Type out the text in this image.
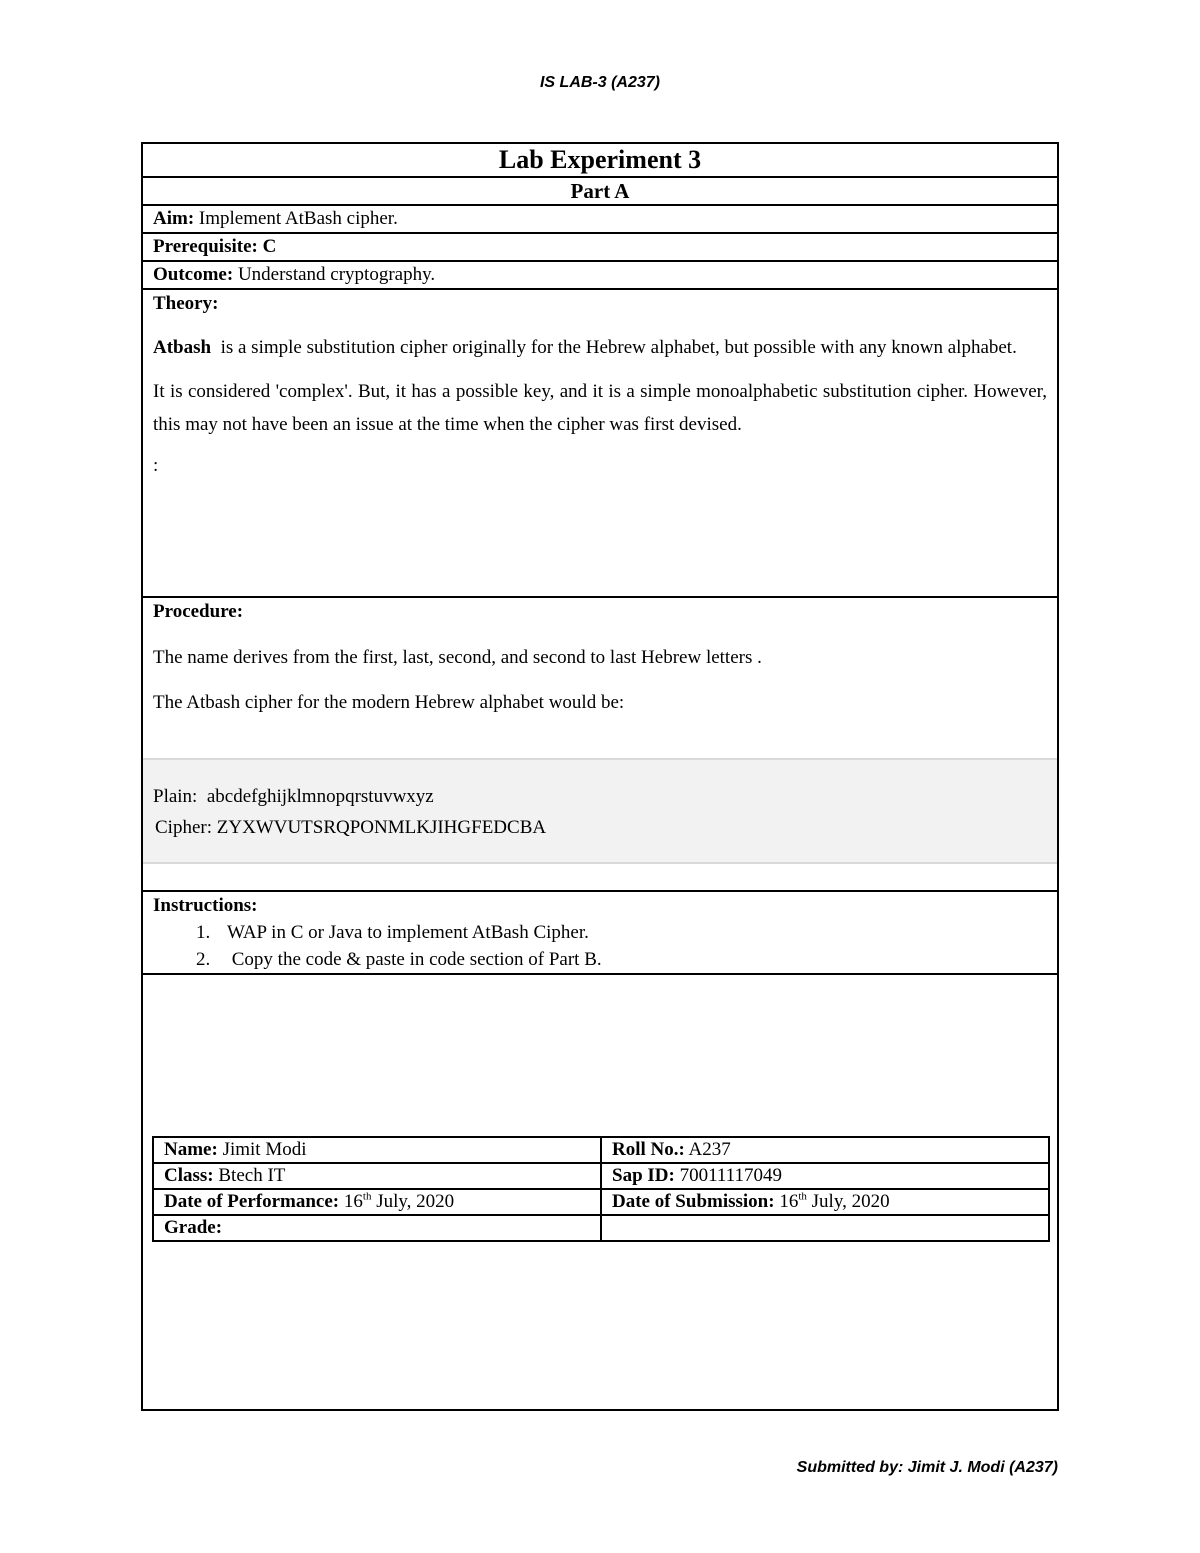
IS LAB-3 (A237)
Lab Experiment 3
Part A
Aim: Implement AtBash cipher.
Prerequisite: C
Outcome: Understand cryptography.
Theory:

Atbash  is a simple substitution cipher originally for the Hebrew alphabet, but possible with any known alphabet.

It is considered 'complex'. But, it has a possible key, and it is a simple monoalphabetic substitution cipher. However, this may not have been an issue at the time when the cipher was first devised.

:

Procedure:

The name derives from the first, last, second, and second to last Hebrew letters .

The Atbash cipher for the modern Hebrew alphabet would be:

Plain:  abcdefghijklmnopqrstuvwxyz
Cipher: ZYXWVUTSRQPONMLKJIHGFEDCBA
Instructions:
1. WAP in C or Java to implement AtBash Cipher.
2.  Copy the code & paste in code section of Part B.
Name: Jimit Modi	Roll No.: A237
Class: Btech IT	Sap ID: 70011117049
Date of Performance: 16th July, 2020	Date of Submission: 16th July, 2020
Grade:	
Submitted by: Jimit J. Modi (A237)
